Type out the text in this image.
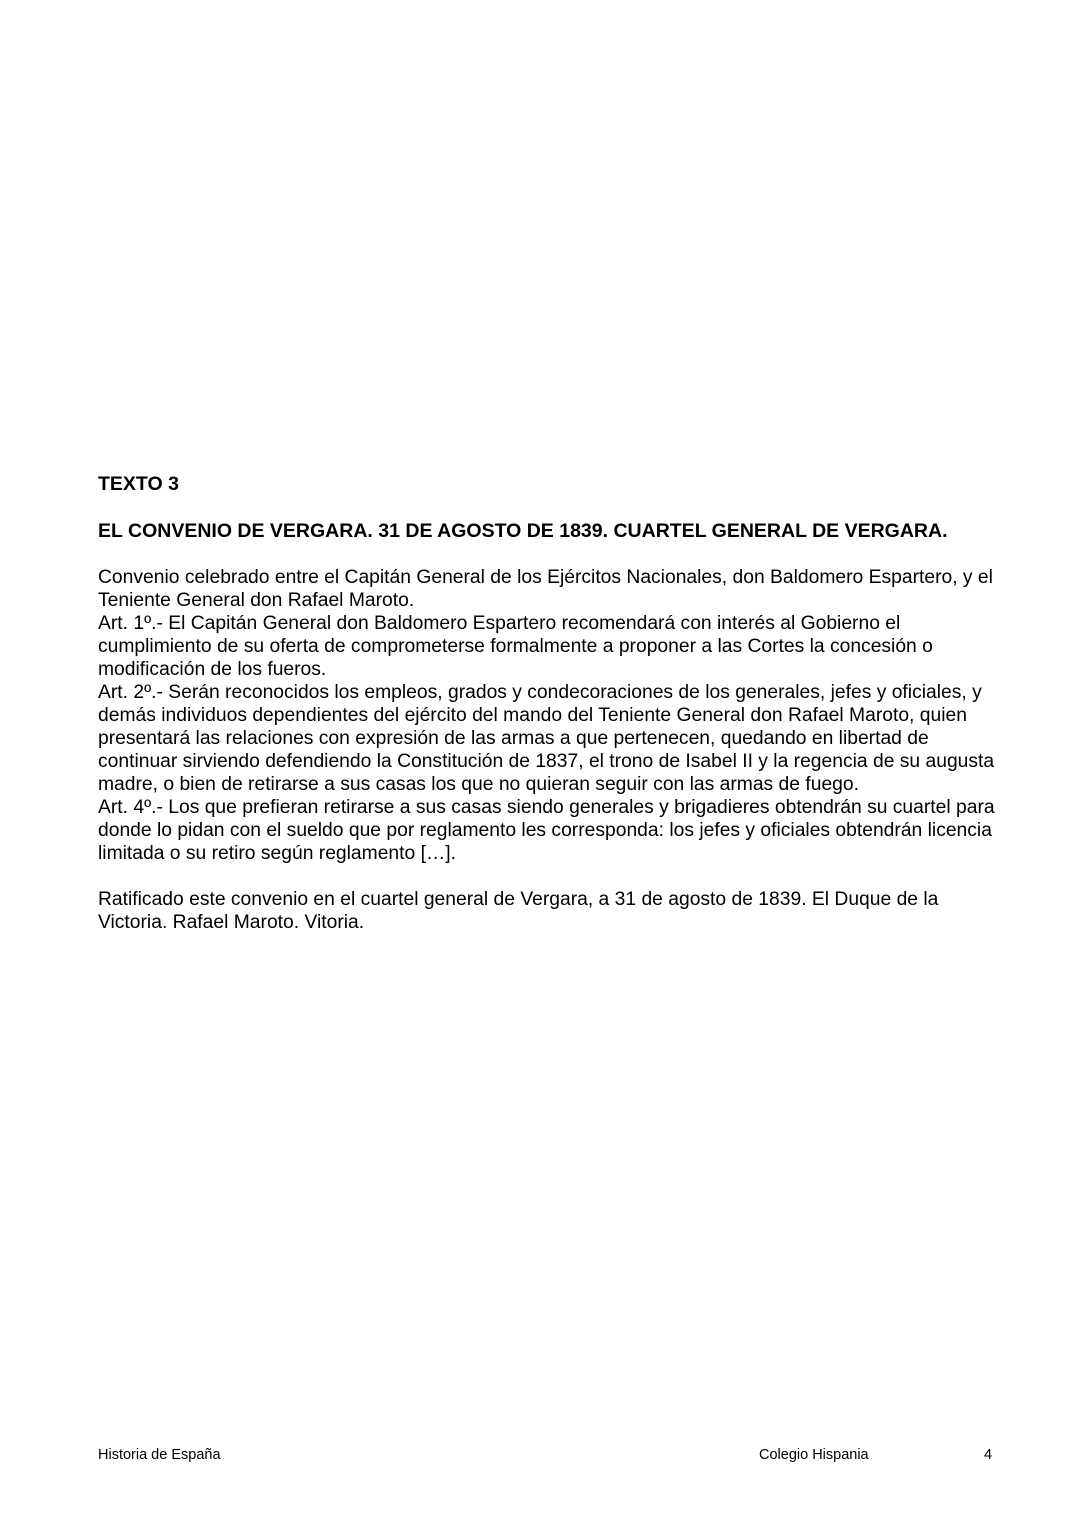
TEXTO 3

EL CONVENIO DE VERGARA. 31 DE AGOSTO DE 1839. CUARTEL GENERAL DE VERGARA.

Convenio celebrado entre el Capitán General de los Ejércitos Nacionales, don Baldomero Espartero, y el Teniente General don Rafael Maroto.

Art. 1º.- El Capitán General don Baldomero Espartero recomendará con interés al Gobierno el cumplimiento de su oferta de comprometerse formalmente a proponer a las Cortes la concesión o modificación de los fueros.

Art. 2º.- Serán reconocidos los empleos, grados y condecoraciones de los generales, jefes y oficiales, y demás individuos dependientes del ejército del mando del Teniente General don Rafael Maroto, quien presentará las relaciones con expresión de las armas a que pertenecen, quedando en libertad de continuar sirviendo defendiendo la Constitución de 1837, el trono de Isabel II y la regencia de su augusta madre, o bien de retirarse a sus casas los que no quieran seguir con las armas de fuego.

Art. 4º.- Los que prefieran retirarse a sus casas siendo generales y brigadieres obtendrán su cuartel para donde lo pidan con el sueldo que por reglamento les corresponda: los jefes y oficiales obtendrán licencia limitada o su retiro según reglamento […].

Ratificado este convenio en el cuartel general de Vergara, a 31 de agosto de 1839. El Duque de la Victoria. Rafael Maroto. Vitoria.

Historia de España	Colegio Hispania	4
